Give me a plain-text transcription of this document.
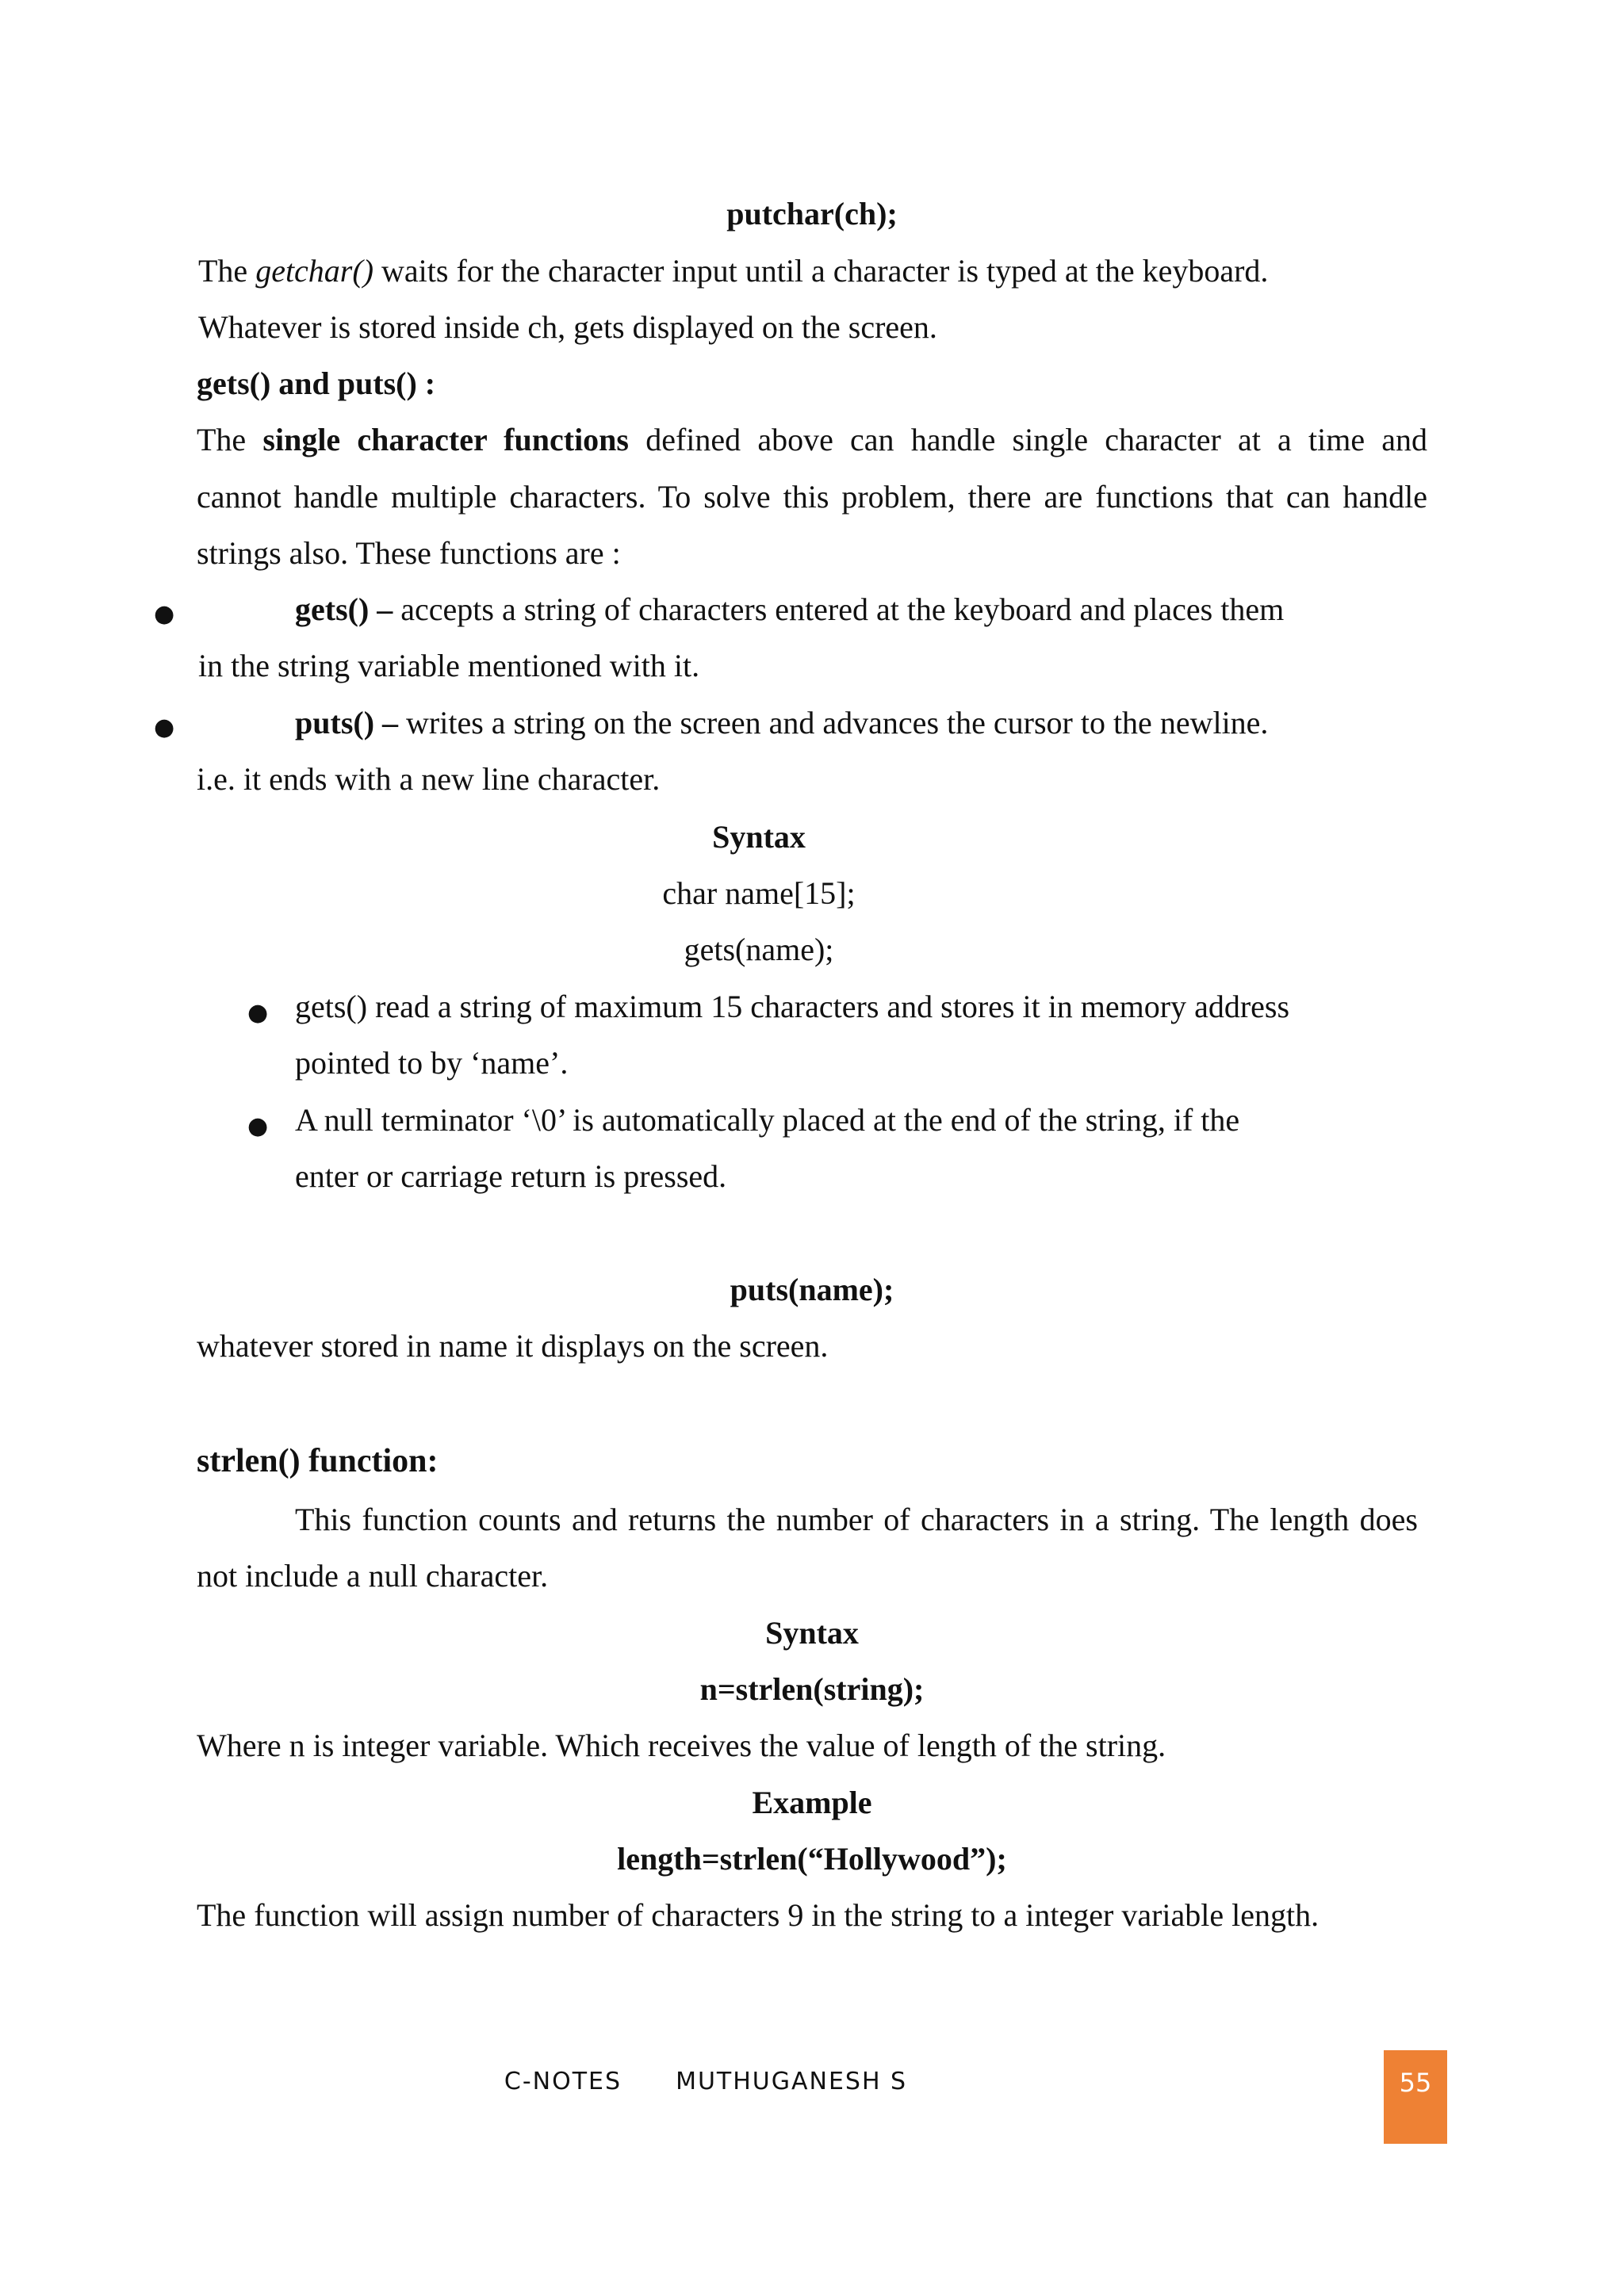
putchar(ch);
The getchar() waits for the character input until a character is typed at the keyboard.
Whatever is stored inside ch, gets displayed on the screen.
gets() and puts() :
The single character functions defined above can handle single character at a time and
cannot handle multiple characters. To solve this problem, there are functions that can handle
strings also. These functions are :
●	gets() – accepts a string of characters entered at the keyboard and places them
in the string variable mentioned with it.
●	puts() – writes a string on the screen and advances the cursor to the newline.
i.e. it ends with a new line character.
Syntax
char name[15];
gets(name);
● gets() read a string of maximum 15 characters and stores it in memory address
pointed to by ‘name’.
● A null terminator ‘\0’ is automatically placed at the end of the string, if the
enter or carriage return is pressed.
puts(name);
whatever stored in name it displays on the screen.
strlen() function:
This function counts and returns the number of characters in a string. The length does
not include a null character.
Syntax
n=strlen(string);
Where n is integer variable. Which receives the value of length of the string.
Example
length=strlen(“Hollywood”);
The function will assign number of characters 9 in the string to a integer variable length.
C-NOTES MUTHUGANESH S	55
